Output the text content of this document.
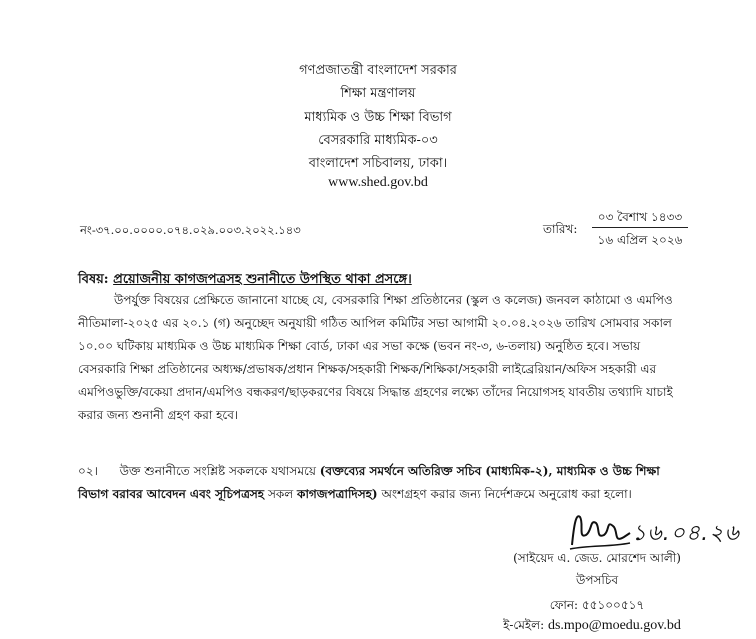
গণপ্রজাতন্ত্রী বাংলাদেশ সরকার
শিক্ষা মন্ত্রণালয়
মাধ্যমিক ও উচ্চ শিক্ষা বিভাগ
বেসরকারি মাধ্যমিক-০৩
বাংলাদেশ সচিবালয়, ঢাকা।
www.shed.gov.bd
নং-৩৭.০০.০০০০.০৭৪.০২৯.০০৩.২০২২.১৪৩	তারিখ:
০৩ বৈশাখ ১৪৩৩
১৬ এপ্রিল ২০২৬
বিষয়: প্রয়োজনীয় কাগজপত্রসহ শুনানীতে উপস্থিত থাকা প্রসঙ্গে।
উপর্যুক্ত বিষয়ের প্রেক্ষিতে জানানো যাচ্ছে যে, বেসরকারি শিক্ষা প্রতিষ্ঠানের (স্কুল ও কলেজ) জনবল কাঠামো ও এমপিও
নীতিমালা-২০২৫ এর ২০.১ (গ) অনুচ্ছেদ অনুযায়ী গঠিত আপিল কমিটির সভা আগামী ২০.০৪.২০২৬ তারিখ সোমবার সকাল
১০.০০ ঘটিকায় মাধ্যমিক ও উচ্চ মাধ্যমিক শিক্ষা বোর্ড, ঢাকা এর সভা কক্ষে (ভবন নং-৩, ৬-তলায়) অনুষ্ঠিত হবে। সভায়
বেসরকারি শিক্ষা প্রতিষ্ঠানের অধ্যক্ষ/প্রভাষক/প্রধান শিক্ষক/সহকারী শিক্ষক/শিক্ষিকা/সহকারী লাইব্রেরিয়ান/অফিস সহকারী এর
এমপিওভুক্তি/বকেয়া প্রদান/এমপিও বন্ধকরণ/ছাড়করণের বিষয়ে সিদ্ধান্ত গ্রহণের লক্ষ্যে তাঁদের নিয়োগসহ যাবতীয় তথ্যাদি যাচাই
করার জন্য শুনানী গ্রহণ করা হবে।
০২। উক্ত শুনানীতে সংশ্লিষ্ট সকলকে যথাসময়ে (বক্তব্যের সমর্থনে অতিরিক্ত সচিব (মাধ্যমিক-২), মাধ্যমিক ও উচ্চ শিক্ষা
বিভাগ বরাবর আবেদন এবং সূচিপত্রসহ সকল কাগজপত্রাদিসহ) অংশগ্রহণ করার জন্য নির্দেশক্রমে অনুরোধ করা হলো।
১৬.০৪.২৬
(সাইয়েদ এ. জেড. মোরশেদ আলী)
উপসচিব
ফোন: ৫৫১০০৫১৭
ই-মেইল: ds.mpo@moedu.gov.bd
